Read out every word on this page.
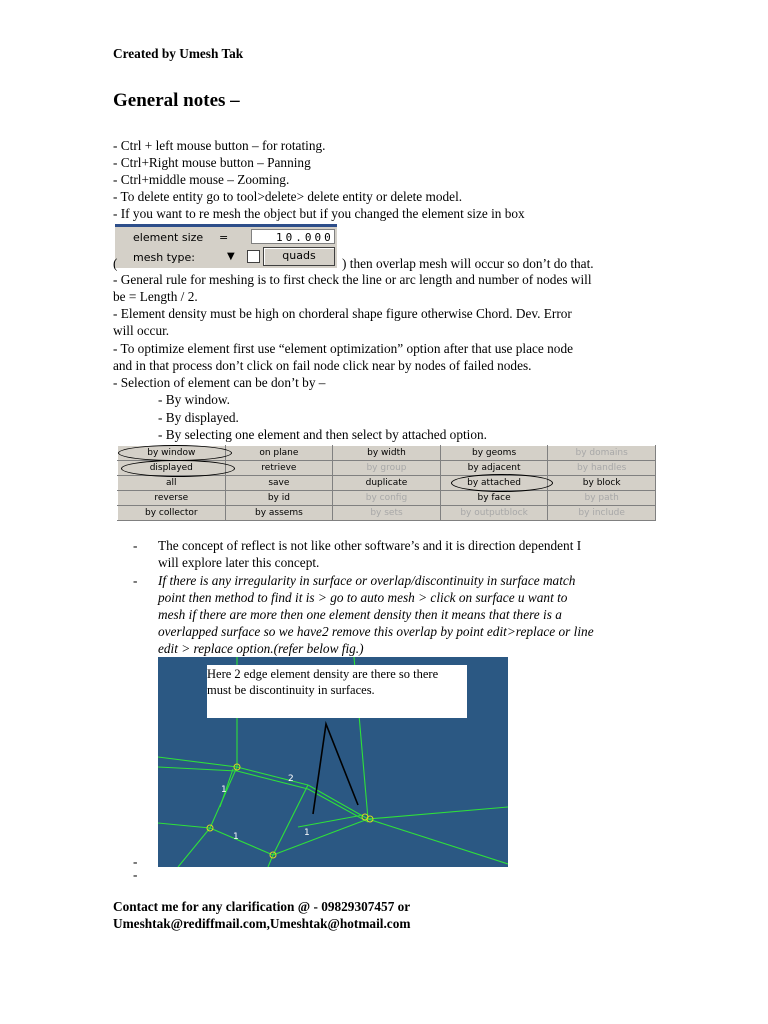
Created by Umesh Tak
General notes –
- Ctrl + left mouse button – for rotating.
- Ctrl+Right mouse button – Panning
- Ctrl+middle mouse – Zooming.
- To delete entity go to tool>delete> delete entity or delete model.
- If you want to re mesh the object but if you changed the element size in box
element size =	10.000
mesh type:	▼	quads
(	) then overlap mesh will occur so don’t do that.
- General rule for meshing is to first check the line or arc length and number of nodes will
be = Length / 2.
- Element density must be high on chorderal shape figure otherwise Chord. Dev. Error
will occur.
- To optimize element first use “element optimization” option after that use place node
and in that process don’t click on fail node click near by nodes of failed nodes.
- Selection of element can be don’t by –
- By window.
- By displayed.
- By selecting one element and then select by attached option.
by window	on plane	by width	by geoms	by domains
displayed	retrieve	by group	by adjacent	by handles
all	save	duplicate	by attached	by block
reverse	by id	by config	by face	by path
by collector	by assems	by sets	by outputblock	by include
- The concept of reflect is not like other software’s and it is direction dependent I
will explore later this concept.
- If there is any irregularity in surface or overlap/discontinuity in surface match
point then method to find it is > go to auto mesh > click on surface u want to
mesh if there are more then one element density then it means that there is a
overlapped surface so we have2 remove this overlap by point edit>replace or line
edit > replace option.(refer below fig.)
1
2
1	1
Here 2 edge element density are there so there
must be discontinuity in surfaces.
-
-
Contact me for any clarification @ - 09829307457 or
Umeshtak@rediffmail.com,Umeshtak@hotmail.com
